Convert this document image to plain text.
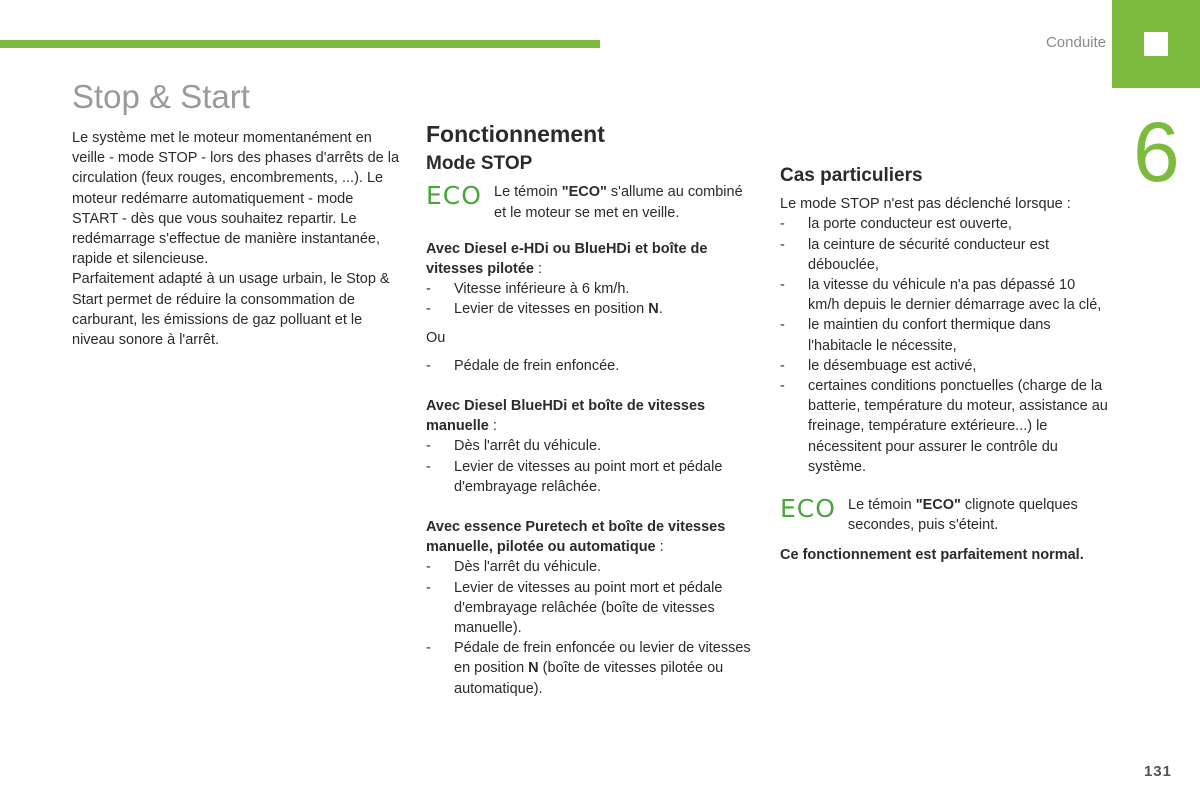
Conduite
6
Stop & Start

Le système met le moteur momentanément en veille - mode STOP - lors des phases d'arrêts de la circulation (feux rouges, encombrements, ...). Le moteur redémarre automatiquement - mode START - dès que vous souhaitez repartir. Le redémarrage s'effectue de manière instantanée, rapide et silencieuse.

Parfaitement adapté à un usage urbain, le Stop & Start permet de réduire la consommation de carburant, les émissions de gaz polluant et le niveau sonore à l'arrêt.

Fonctionnement
Mode STOP
ECO Le témoin "ECO" s'allume au combiné et le moteur se met en veille.

Avec Diesel e-HDi ou BlueHDi et boîte de vitesses pilotée :

- Vitesse inférieure à 6 km/h.
- Levier de vitesses en position N.

Ou

- Pédale de frein enfoncée.

Avec Diesel BlueHDi et boîte de vitesses manuelle :

- Dès l'arrêt du véhicule.
- Levier de vitesses au point mort et pédale d'embrayage relâchée.

Avec essence Puretech et boîte de vitesses manuelle, pilotée ou automatique :

- Dès l'arrêt du véhicule.
- Levier de vitesses au point mort et pédale d'embrayage relâchée (boîte de vitesses manuelle).
- Pédale de frein enfoncée ou levier de vitesses en position N (boîte de vitesses pilotée ou automatique).
Cas particuliers

Le mode STOP n'est pas déclenché lorsque :

- la porte conducteur est ouverte,
- la ceinture de sécurité conducteur est débouclée,
- la vitesse du véhicule n'a pas dépassé 10 km/h depuis le dernier démarrage avec la clé,
- le maintien du confort thermique dans l'habitacle le nécessite,
- le désembuage est activé,
- certaines conditions ponctuelles (charge de la batterie, température du moteur, assistance au freinage, température extérieure...) le nécessitent pour assurer le contrôle du système.
ECO Le témoin "ECO" clignote quelques secondes, puis s'éteint.

Ce fonctionnement est parfaitement normal.

131
